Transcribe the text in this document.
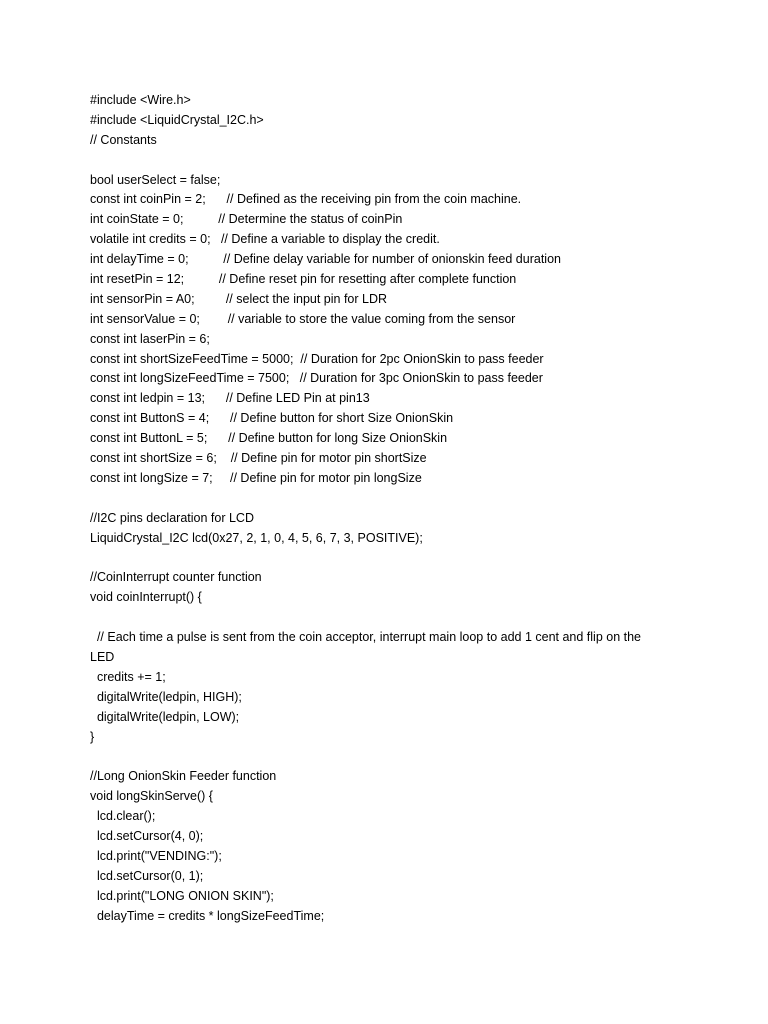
#include <Wire.h>
#include <LiquidCrystal_I2C.h>
// Constants
bool userSelect = false;
const int coinPin = 2;      // Defined as the receiving pin from the coin machine.
int coinState = 0;          // Determine the status of coinPin
volatile int credits = 0;   // Define a variable to display the credit.
int delayTime = 0;          // Define delay variable for number of onionskin feed duration
int resetPin = 12;          // Define reset pin for resetting after complete function
int sensorPin = A0;         // select the input pin for LDR
int sensorValue = 0;        // variable to store the value coming from the sensor
const int laserPin = 6;
const int shortSizeFeedTime = 5000;  // Duration for 2pc OnionSkin to pass feeder
const int longSizeFeedTime = 7500;   // Duration for 3pc OnionSkin to pass feeder
const int ledpin = 13;      // Define LED Pin at pin13
const int ButtonS = 4;      // Define button for short Size OnionSkin
const int ButtonL = 5;      // Define button for long Size OnionSkin
const int shortSize = 6;    // Define pin for motor pin shortSize
const int longSize = 7;     // Define pin for motor pin longSize
//I2C pins declaration for LCD
LiquidCrystal_I2C lcd(0x27, 2, 1, 0, 4, 5, 6, 7, 3, POSITIVE);
//CoinInterrupt counter function
void coinInterrupt() {
// Each time a pulse is sent from the coin acceptor, interrupt main loop to add 1 cent and flip on the
LED
credits += 1;
digitalWrite(ledpin, HIGH);
digitalWrite(ledpin, LOW);
}
//Long OnionSkin Feeder function
void longSkinServe() {
lcd.clear();
lcd.setCursor(4, 0);
lcd.print("VENDING:");
lcd.setCursor(0, 1);
lcd.print("LONG ONION SKIN");
delayTime = credits * longSizeFeedTime;
